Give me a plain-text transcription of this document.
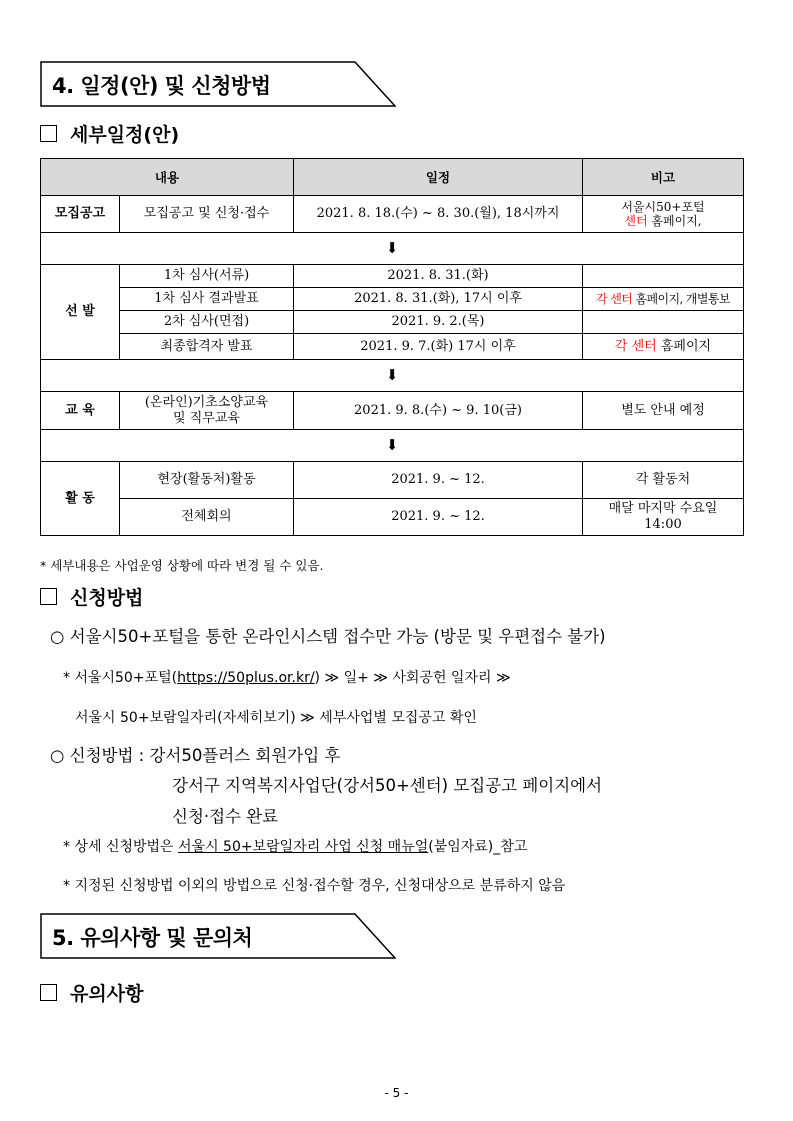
4. 일정(안) 및 신청방법
세부일정(안)
내용		일정	비고
모집공고	모집공고 및 신청·접수	2021. 8. 18.(수) ~ 8. 30.(월), 18시까지	서울시50+포털
센터 홈페이지,
⬇			
선 발	1차 심사(서류)	2021. 8. 31.(화)	
	1차 심사 결과발표	2021. 8. 31.(화), 17시 이후	각 센터 홈페이지, 개별통보
	2차 심사(면접)	2021. 9. 2.(목)	
	최종합격자 발표	2021. 9. 7.(화) 17시 이후	각 센터 홈페이지
⬇			
교 육	(온라인)기초소양교육
및 직무교육	2021. 9. 8.(수) ~ 9. 10(금)	별도 안내 예정
⬇			
활 동	현장(활동처)활동	2021. 9. ~ 12.	각 활동처
	전체회의	2021. 9. ~ 12.	매달 마지막 수요일
14:00
* 세부내용은 사업운영 상황에 따라 변경 될 수 있음.
신청방법
○ 서울시50+포털을 통한 온라인시스템 접수만 가능 (방문 및 우편접수 불가)
* 서울시50+포털(https://50plus.or.kr/) ≫ 일+ ≫ 사회공헌 일자리 ≫
서울시 50+보람일자리(자세히보기) ≫ 세부사업별 모집공고 확인
○ 신청방법 : 강서50플러스 회원가입 후
강서구 지역복지사업단(강서50+센터) 모집공고 페이지에서
신청·접수 완료
* 상세 신청방법은 서울시 50+보람일자리 사업 신청 매뉴얼(붙임자료)_참고
* 지정된 신청방법 이외의 방법으로 신청·접수할 경우, 신청대상으로 분류하지 않음
5. 유의사항 및 문의처
유의사항
- 5 -
